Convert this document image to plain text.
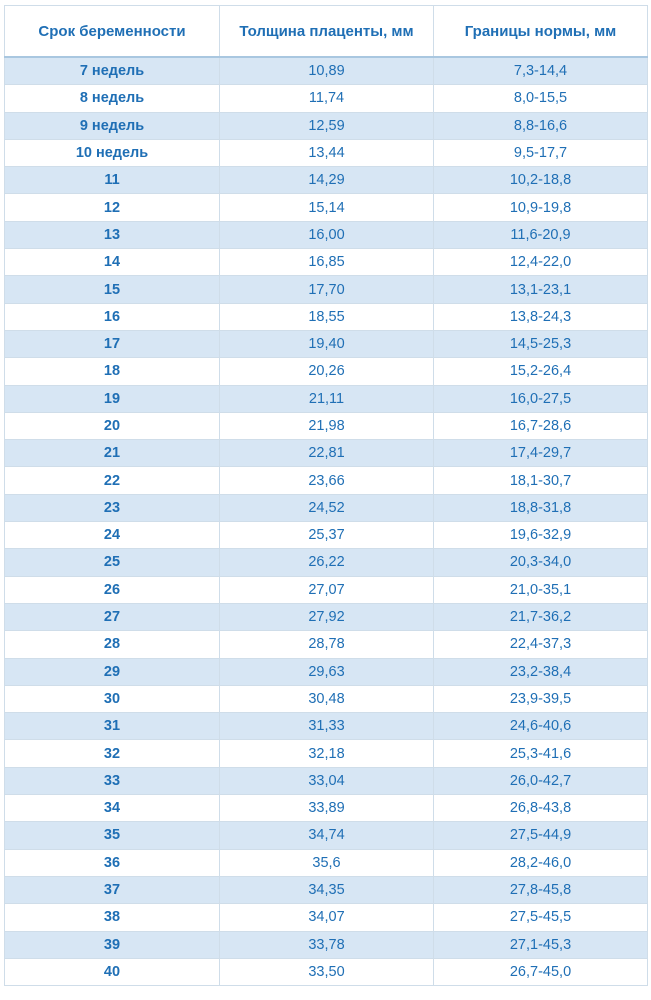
Срок беременности	Толщина плаценты, мм	Границы нормы, мм
7 недель	10,89	7,3-14,4
8 недель	11,74	8,0-15,5
9 недель	12,59	8,8-16,6
10 недель	13,44	9,5-17,7
11	14,29	10,2-18,8
12	15,14	10,9-19,8
13	16,00	11,6-20,9
14	16,85	12,4-22,0
15	17,70	13,1-23,1
16	18,55	13,8-24,3
17	19,40	14,5-25,3
18	20,26	15,2-26,4
19	21,11	16,0-27,5
20	21,98	16,7-28,6
21	22,81	17,4-29,7
22	23,66	18,1-30,7
23	24,52	18,8-31,8
24	25,37	19,6-32,9
25	26,22	20,3-34,0
26	27,07	21,0-35,1
27	27,92	21,7-36,2
28	28,78	22,4-37,3
29	29,63	23,2-38,4
30	30,48	23,9-39,5
31	31,33	24,6-40,6
32	32,18	25,3-41,6
33	33,04	26,0-42,7
34	33,89	26,8-43,8
35	34,74	27,5-44,9
36	35,6	28,2-46,0
37	34,35	27,8-45,8
38	34,07	27,5-45,5
39	33,78	27,1-45,3
40	33,50	26,7-45,0
